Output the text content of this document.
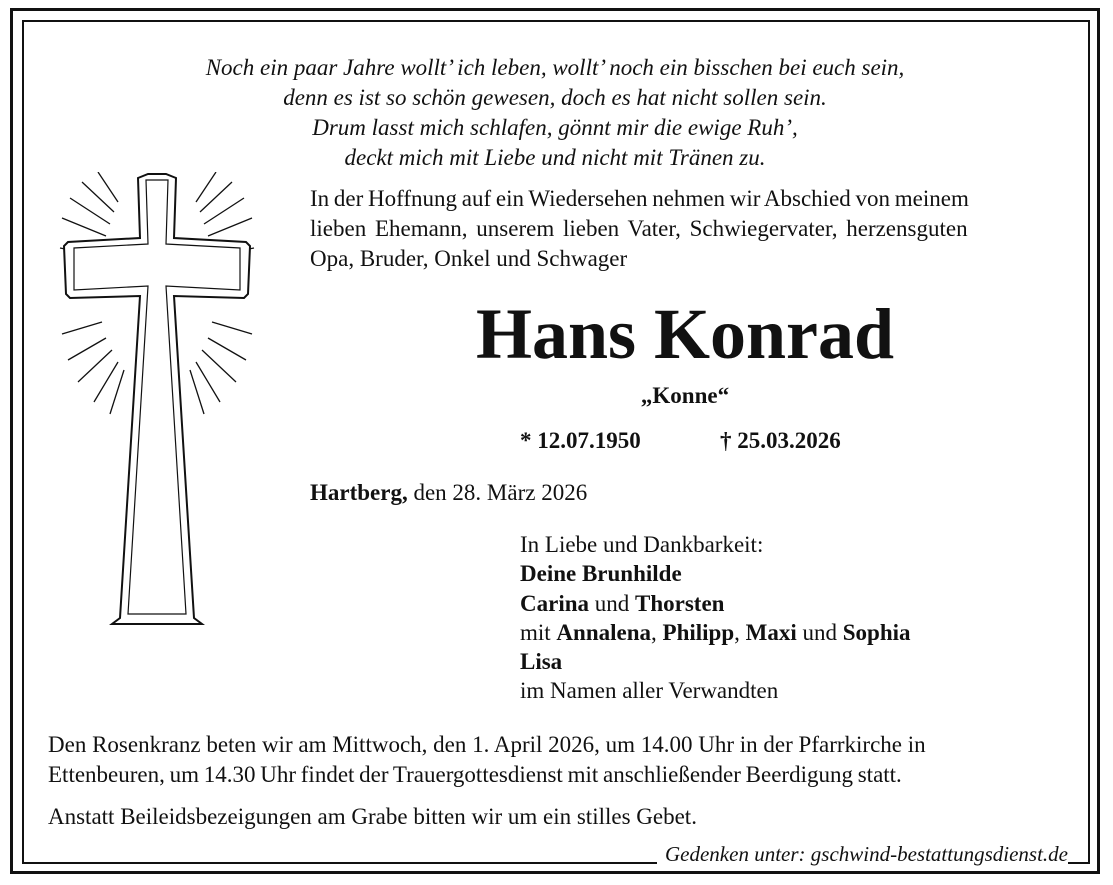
Noch ein paar Jahre wollt’ ich leben, wollt’ noch ein bisschen bei euch sein,
denn es ist so schön gewesen, doch es hat nicht sollen sein.
Drum lasst mich schlafen, gönnt mir die ewige Ruh’,
deckt mich mit Liebe und nicht mit Tränen zu.
In der Hoffnung auf ein Wiedersehen nehmen wir Abschied von meinem
lieben Ehemann, unserem lieben Vater, Schwiegervater, herzensguten
Opa, Bruder, Onkel und Schwager
Hans Konrad
„Konne“
* 12.07.1950	† 25.03.2026
Hartberg, den 28. März 2026
In Liebe und Dankbarkeit:
Deine Brunhilde
Carina und Thorsten
mit Annalena, Philipp, Maxi und Sophia
Lisa
im Namen aller Verwandten
Den Rosenkranz beten wir am Mittwoch, den 1. April 2026, um 14.00 Uhr in der Pfarrkirche in
Ettenbeuren, um 14.30 Uhr findet der Trauergottesdienst mit anschließender Beerdigung statt.
Anstatt Beileidsbezeigungen am Grabe bitten wir um ein stilles Gebet.
Gedenken unter: gschwind-bestattungsdienst.de
